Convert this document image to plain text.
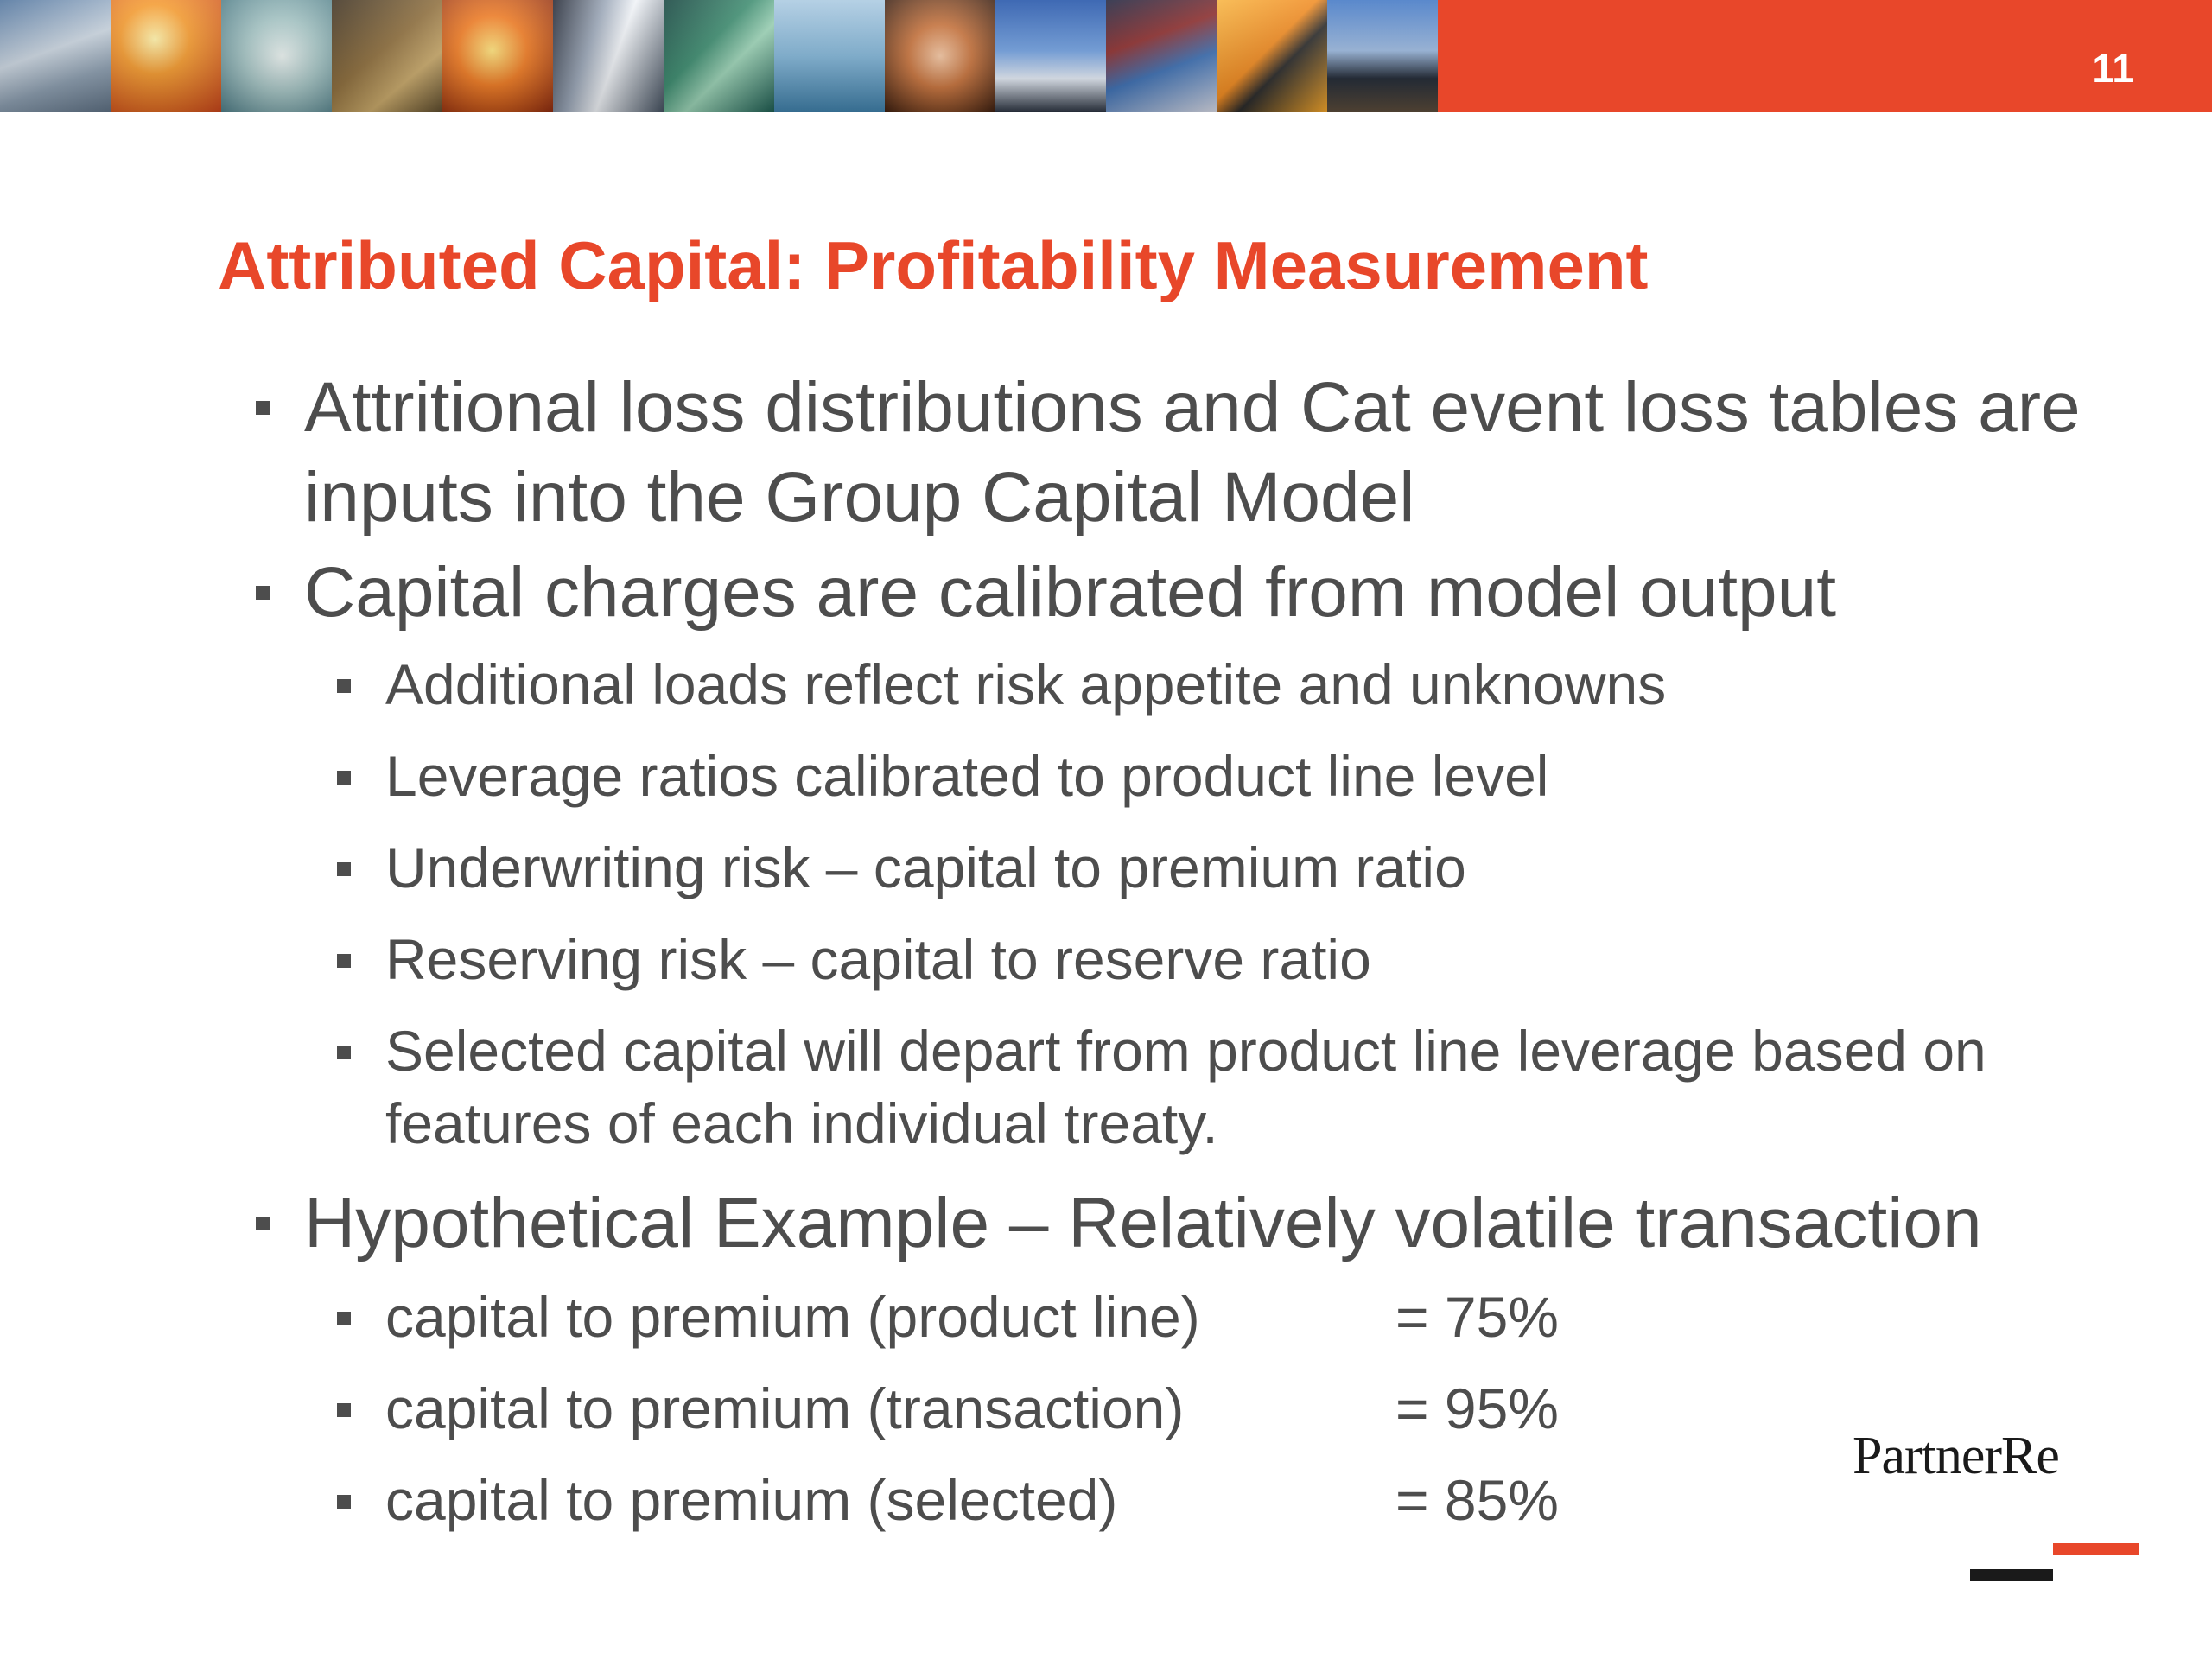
11
Attributed Capital: Profitability Measurement
Attritional loss distributions and Cat event loss tables are inputs into the Group Capital Model
Capital charges are calibrated from model output
Additional loads reflect risk appetite and unknowns
Leverage ratios calibrated to product line level
Underwriting risk – capital to premium ratio
Reserving risk – capital to reserve ratio
Selected capital will depart from product line leverage based on features of each individual treaty.
Hypothetical Example – Relatively volatile transaction
capital to premium (product line)	= 75%
capital to premium (transaction)	= 95%
capital to premium (selected)	= 85%
PartnerRe
